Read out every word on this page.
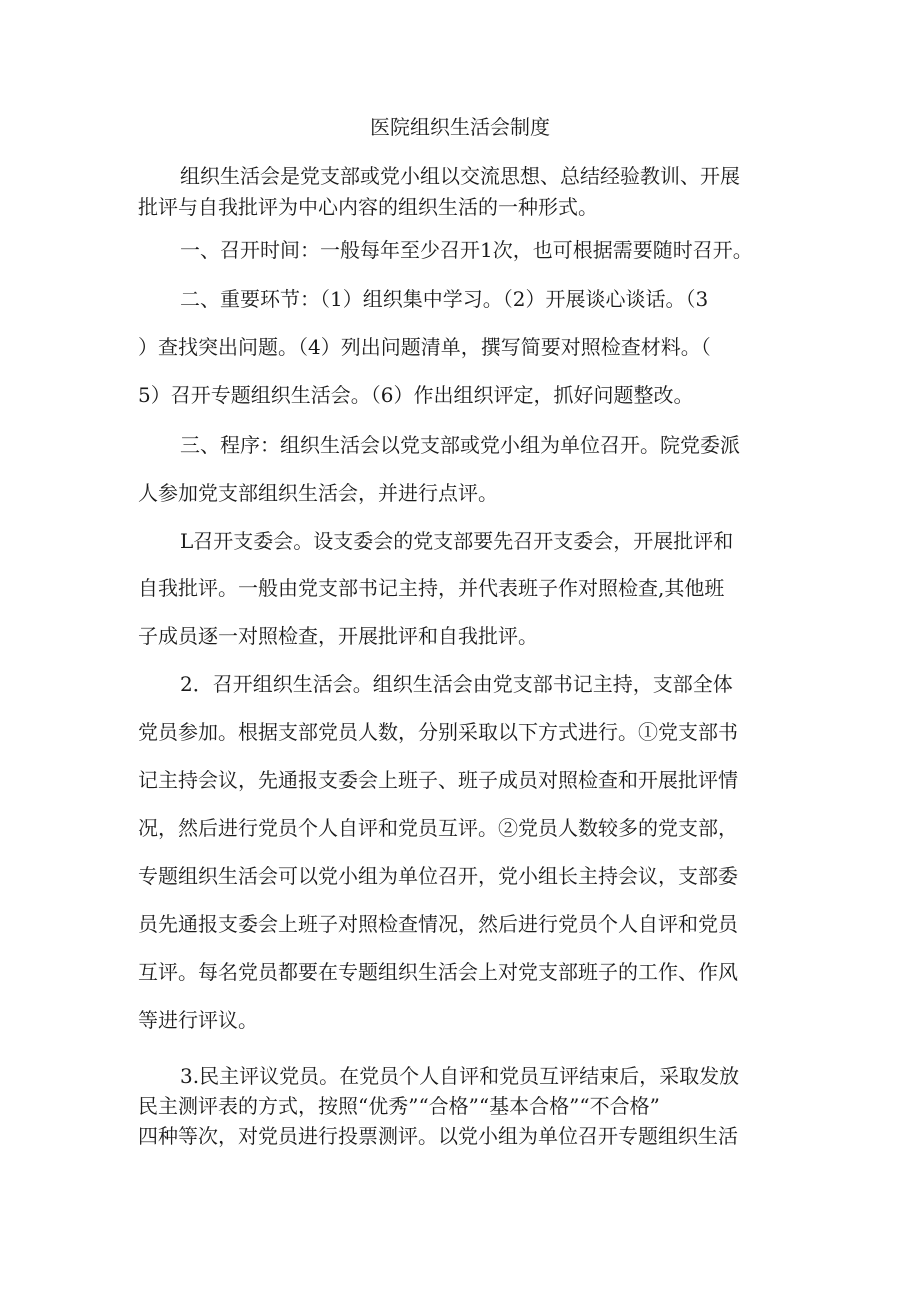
医院组织生活会制度
组织生活会是党支部或党小组以交流思想、总结经验教训、开展
批评与自我批评为中心内容的组织生活的一种形式。
一、召开时间：一般每年至少召开1次，也可根据需要随时召开。
二、重要环节：（1）组织集中学习。（2）开展谈心谈话。（3
）查找突出问题。（4）列出问题清单，撰写简要对照检查材料。（
5）召开专题组织生活会。（6）作出组织评定，抓好问题整改。
三、程序：组织生活会以党支部或党小组为单位召开。院党委派
人参加党支部组织生活会，并进行点评。
L召开支委会。设支委会的党支部要先召开支委会，开展批评和
自我批评。一般由党支部书记主持，并代表班子作对照检查,其他班
子成员逐一对照检查，开展批评和自我批评。
2．召开组织生活会。组织生活会由党支部书记主持，支部全体
党员参加。根据支部党员人数，分别采取以下方式进行。①党支部书
记主持会议，先通报支委会上班子、班子成员对照检查和开展批评情
况，然后进行党员个人自评和党员互评。②党员人数较多的党支部，
专题组织生活会可以党小组为单位召开，党小组长主持会议，支部委
员先通报支委会上班子对照检查情况，然后进行党员个人自评和党员
互评。每名党员都要在专题组织生活会上对党支部班子的工作、作风
等进行评议。
3.民主评议党员。在党员个人自评和党员互评结束后，采取发放
民主测评表的方式，按照“优秀”“合格”“基本合格”“不合格”
四种等次，对党员进行投票测评。以党小组为单位召开专题组织生活
